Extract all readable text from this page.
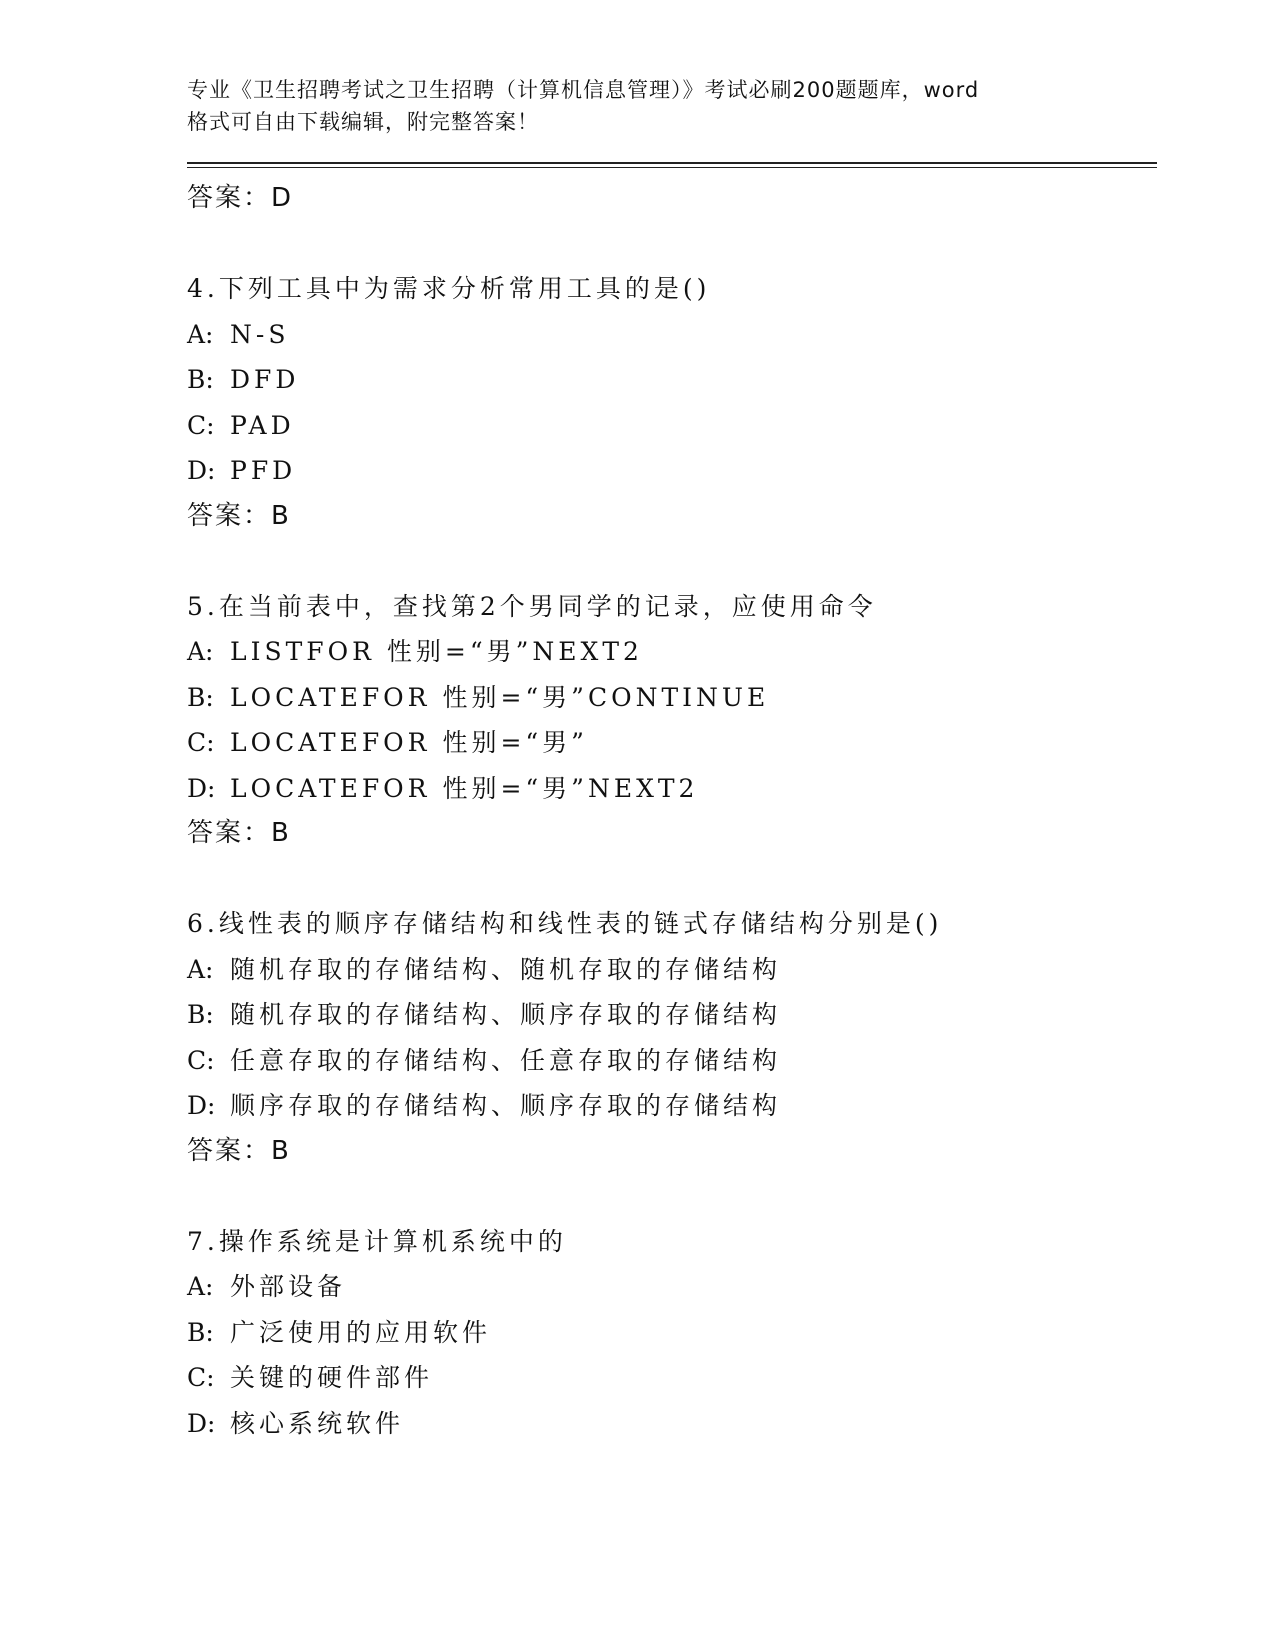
专业《卫生招聘考试之卫生招聘（计算机信息管理）》考试必刷200题题库，word
格式可自由下载编辑，附完整答案！

答案：D
4.下列工具中为需求分析常用工具的是()
A: N-S
B: DFD
C: PAD
D: PFD
答案：B
5.在当前表中，查找第2个男同学的记录，应使用命令
A: LISTFOR 性别=“男”NEXT2
B: LOCATEFOR 性别=“男”CONTINUE
C: LOCATEFOR 性别=“男”
D: LOCATEFOR 性别=“男”NEXT2
答案：B
6.线性表的顺序存储结构和线性表的链式存储结构分别是()
A: 随机存取的存储结构、随机存取的存储结构
B: 随机存取的存储结构、顺序存取的存储结构
C: 任意存取的存储结构、任意存取的存储结构
D: 顺序存取的存储结构、顺序存取的存储结构
答案：B
7.操作系统是计算机系统中的
A: 外部设备
B: 广泛使用的应用软件
C: 关键的硬件部件
D: 核心系统软件
